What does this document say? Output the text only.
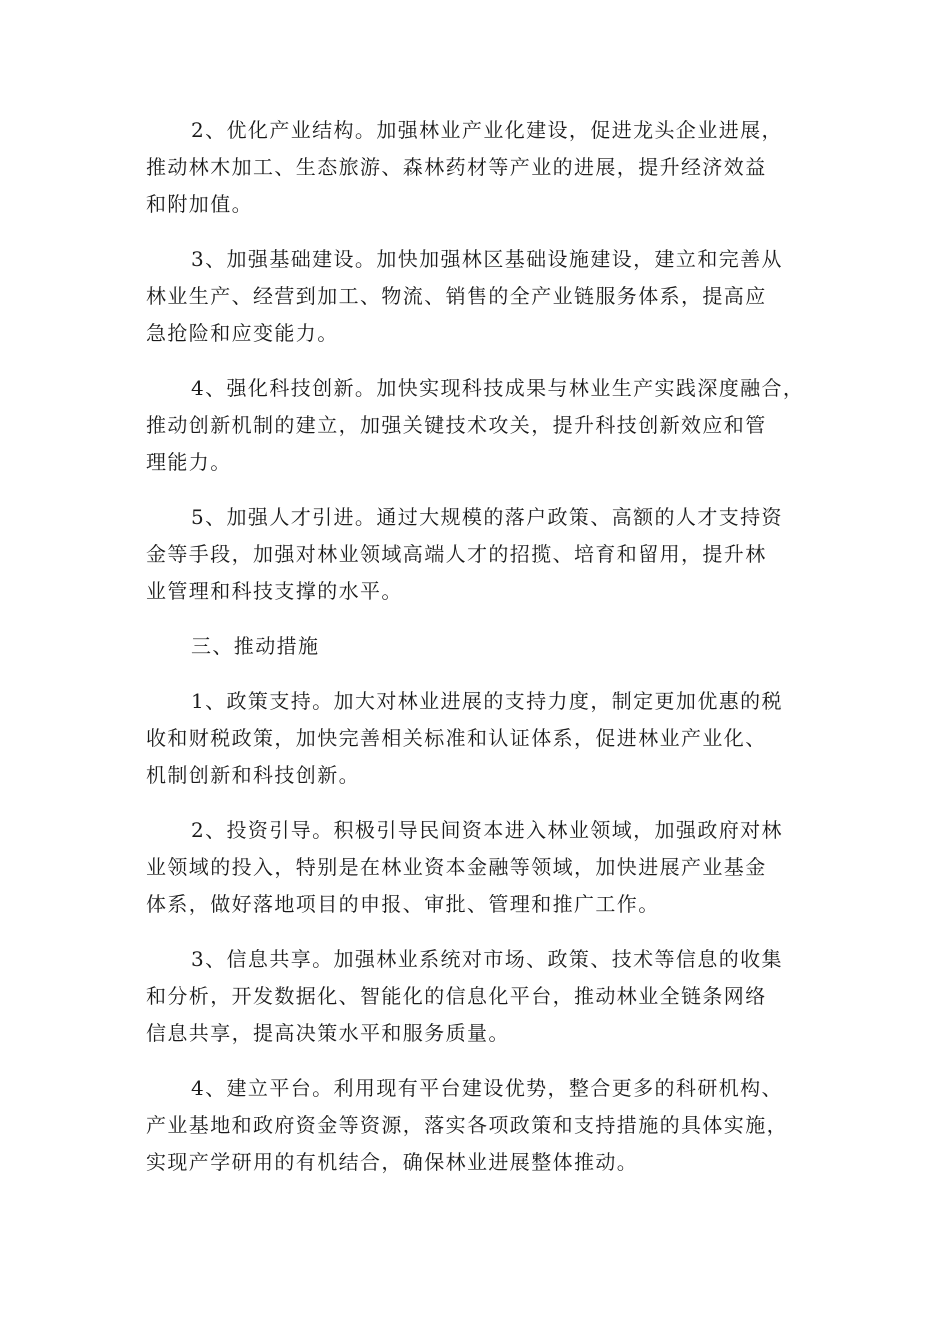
2、优化产业结构。加强林业产业化建设，促进龙头企业进展，
推动林木加工、生态旅游、森林药材等产业的进展，提升经济效益
和附加值。

3、加强基础建设。加快加强林区基础设施建设，建立和完善从
林业生产、经营到加工、物流、销售的全产业链服务体系，提高应
急抢险和应变能力。

4、强化科技创新。加快实现科技成果与林业生产实践深度融合，
推动创新机制的建立，加强关键技术攻关，提升科技创新效应和管
理能力。

5、加强人才引进。通过大规模的落户政策、高额的人才支持资
金等手段，加强对林业领域高端人才的招揽、培育和留用，提升林
业管理和科技支撑的水平。

三、推动措施

1、政策支持。加大对林业进展的支持力度，制定更加优惠的税
收和财税政策，加快完善相关标准和认证体系，促进林业产业化、
机制创新和科技创新。

2、投资引导。积极引导民间资本进入林业领域，加强政府对林
业领域的投入，特别是在林业资本金融等领域，加快进展产业基金
体系，做好落地项目的申报、审批、管理和推广工作。

3、信息共享。加强林业系统对市场、政策、技术等信息的收集
和分析，开发数据化、智能化的信息化平台，推动林业全链条网络
信息共享，提高决策水平和服务质量。

4、建立平台。利用现有平台建设优势，整合更多的科研机构、
产业基地和政府资金等资源，落实各项政策和支持措施的具体实施，
实现产学研用的有机结合，确保林业进展整体推动。
